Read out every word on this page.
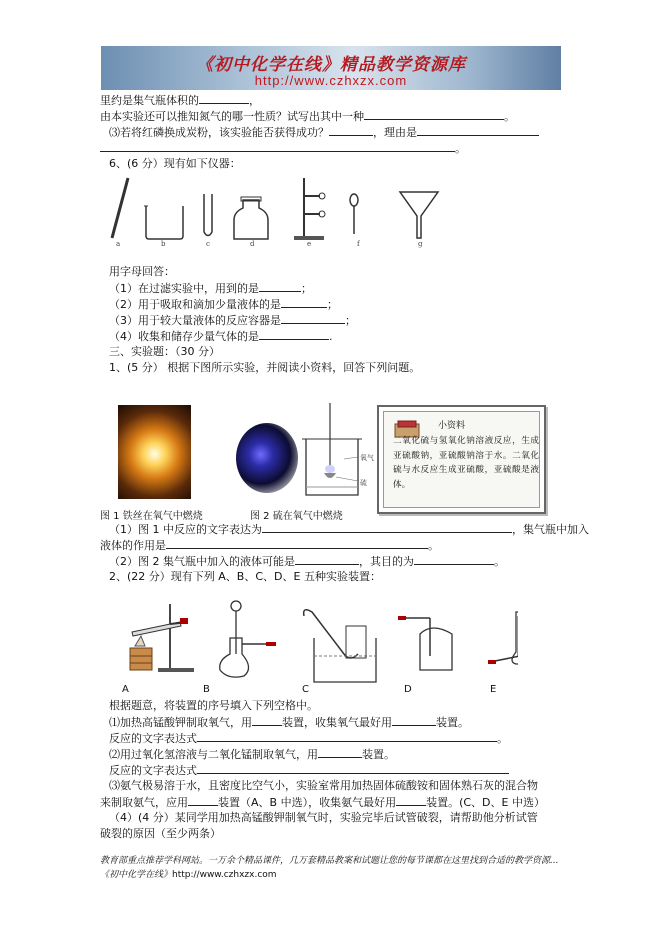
《初中化学在线》精品教学资源库
http://www.czhxzx.com
里约是集气瓶体积的	，
由本实验还可以推知氮气的哪一性质？试写出其中一种	。
⑶若将红磷换成炭粉，该实验能否获得成功？	，理由是
。
6、(6 分）现有如下仪器：
a	b	c	d	e	f	g
用字母回答：
（1）在过滤实验中，用到的是	；
（2）用于吸取和滴加少量液体的是	；
（3）用于较大量液体的反应容器是	；
（4）收集和储存少量气体的是	.
三、实验题：（30 分）
1、(5 分） 根据下图所示实验，并阅读小资料，回答下列问题。
氧气
硫
小资料
二氧化硫与氢氧化钠溶液反应，生成亚硫酸钠，亚硫酸钠溶于水。二氧化硫与水反应生成亚硫酸，亚硫酸是液体。
图 1 铁丝在氧气中燃烧	图 2 硫在氧气中燃烧
（1）图 1 中反应的文字表达为	，集气瓶中加入
液体的作用是	。
（2）图 2 集气瓶中加入的液体可能是	，其目的为	。
2、(22 分）现有下列 A、B、C、D、E 五种实验装置：
A	B	C	D	E
根据题意，将装置的序号填入下列空格中。
⑴加热高锰酸钾制取氧气，用	装置，收集氧气最好用	装置。
反应的文字表达式	。
⑵用过氧化氢溶液与二氧化锰制取氧气，用	装置。
反应的文字表达式
⑶氨气极易溶于水，且密度比空气小，实验室常用加热固体硫酸铵和固体熟石灰的混合物
来制取氨气，应用	装置（A、B 中选），收集氨气最好用	装置。(C、D、E 中选）
（4）(4 分）某同学用加热高锰酸钾制氧气时，实验完毕后试管破裂，请帮助他分析试管
破裂的原因（至少两条）
教育部重点推荐学科网站。一万余个精品课件，几万套精品教案和试题让您的每节课都在这里找到合适的教学资源...《初中化学在线》http://www.czhxzx.com
